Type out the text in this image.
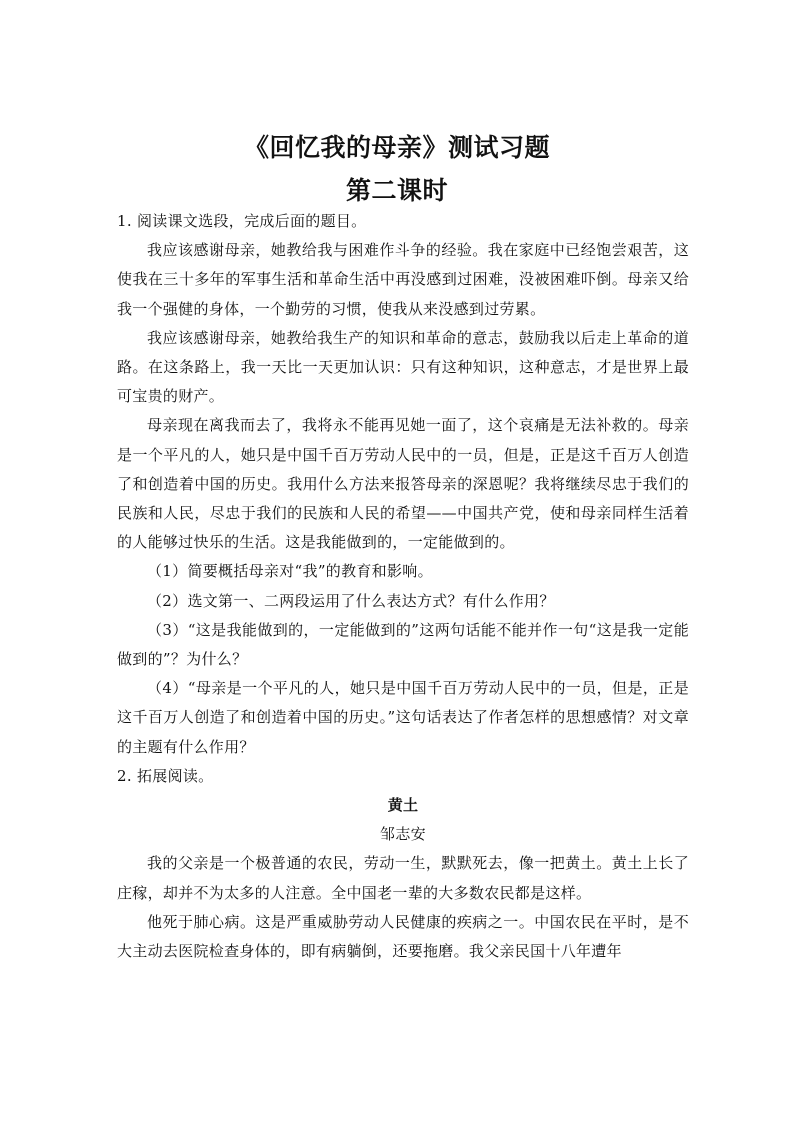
《回忆我的母亲》测试习题
第二课时

1. 阅读课文选段，完成后面的题目。

我应该感谢母亲，她教给我与困难作斗争的经验。我在家庭中已经饱尝艰苦，这使我在三十多年的军事生活和革命生活中再没感到过困难，没被困难吓倒。母亲又给我一个强健的身体，一个勤劳的习惯，使我从来没感到过劳累。

我应该感谢母亲，她教给我生产的知识和革命的意志，鼓励我以后走上革命的道路。在这条路上，我一天比一天更加认识：只有这种知识，这种意志，才是世界上最可宝贵的财产。

母亲现在离我而去了，我将永不能再见她一面了，这个哀痛是无法补救的。母亲是一个平凡的人，她只是中国千百万劳动人民中的一员，但是，正是这千百万人创造了和创造着中国的历史。我用什么方法来报答母亲的深恩呢？我将继续尽忠于我们的民族和人民，尽忠于我们的民族和人民的希望——中国共产党，使和母亲同样生活着的人能够过快乐的生活。这是我能做到的，一定能做到的。

（1）简要概括母亲对“我”的教育和影响。

（2）选文第一、二两段运用了什么表达方式？有什么作用？

（3）“这是我能做到的，一定能做到的”这两句话能不能并作一句“这是我一定能做到的”？为什么？

（4）“母亲是一个平凡的人，她只是中国千百万劳动人民中的一员，但是，正是这千百万人创造了和创造着中国的历史。”这句话表达了作者怎样的思想感情？对文章的主题有什么作用？

2. 拓展阅读。

黄土

邹志安

我的父亲是一个极普通的农民，劳动一生，默默死去，像一把黄土。黄土上长了庄稼，却并不为太多的人注意。全中国老一辈的大多数农民都是这样。

他死于肺心病。这是严重威胁劳动人民健康的疾病之一。中国农民在平时，是不大主动去医院检查身体的，即有病躺倒，还要拖磨。我父亲民国十八年遭年
